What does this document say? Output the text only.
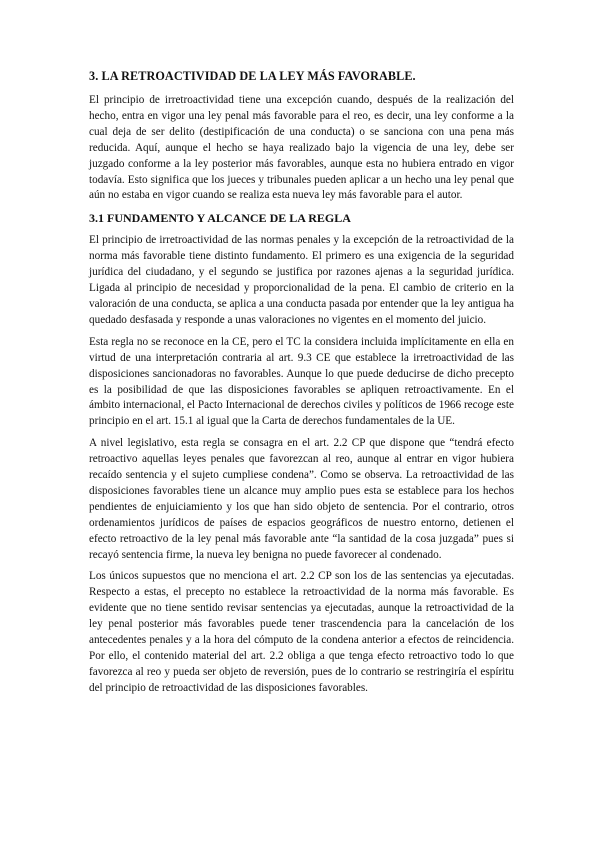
3. LA RETROACTIVIDAD DE LA LEY MÁS FAVORABLE.

El principio de irretroactividad tiene una excepción cuando, después de la realización del hecho, entra en vigor una ley penal más favorable para el reo, es decir, una ley conforme a la cual deja de ser delito (destipificación de una conducta) o se sanciona con una pena más reducida. Aquí, aunque el hecho se haya realizado bajo la vigencia de una ley, debe ser juzgado conforme a la ley posterior más favorables, aunque esta no hubiera entrado en vigor todavía. Esto significa que los jueces y tribunales pueden aplicar a un hecho una ley penal que aún no estaba en vigor cuando se realiza esta nueva ley más favorable para el autor.

3.1 FUNDAMENTO Y ALCANCE DE LA REGLA

El principio de irretroactividad de las normas penales y la excepción de la retroactividad de la norma más favorable tiene distinto fundamento. El primero es una exigencia de la seguridad jurídica del ciudadano, y el segundo se justifica por razones ajenas a la seguridad jurídica. Ligada al principio de necesidad y proporcionalidad de la pena. El cambio de criterio en la valoración de una conducta, se aplica a una conducta pasada por entender que la ley antigua ha quedado desfasada y responde a unas valoraciones no vigentes en el momento del juicio.

Esta regla no se reconoce en la CE, pero el TC la considera incluida implícitamente en ella en virtud de una interpretación contraria al art. 9.3 CE que establece la irretroactividad de las disposiciones sancionadoras no favorables. Aunque lo que puede deducirse de dicho precepto es la posibilidad de que las disposiciones favorables se apliquen retroactivamente. En el ámbito internacional, el Pacto Internacional de derechos civiles y políticos de 1966 recoge este principio en el art. 15.1 al igual que la Carta de derechos fundamentales de la UE.

A nivel legislativo, esta regla se consagra en el art. 2.2 CP que dispone que “tendrá efecto retroactivo aquellas leyes penales que favorezcan al reo, aunque al entrar en vigor hubiera recaído sentencia y el sujeto cumpliese condena”. Como se observa. La retroactividad de las disposiciones favorables tiene un alcance muy amplio pues esta se establece para los hechos pendientes de enjuiciamiento y los que han sido objeto de sentencia. Por el contrario, otros ordenamientos jurídicos de países de espacios geográficos de nuestro entorno, detienen el efecto retroactivo de la ley penal más favorable ante “la santidad de la cosa juzgada” pues si recayó sentencia firme, la nueva ley benigna no puede favorecer al condenado.

Los únicos supuestos que no menciona el art. 2.2 CP son los de las sentencias ya ejecutadas. Respecto a estas, el precepto no establece la retroactividad de la norma más favorable. Es evidente que no tiene sentido revisar sentencias ya ejecutadas, aunque la retroactividad de la ley penal posterior más favorables puede tener trascendencia para la cancelación de los antecedentes penales y a la hora del cómputo de la condena anterior a efectos de reincidencia. Por ello, el contenido material del art. 2.2 obliga a que tenga efecto retroactivo todo lo que favorezca al reo y pueda ser objeto de reversión, pues de lo contrario se restringiría el espíritu del principio de retroactividad de las disposiciones favorables.
